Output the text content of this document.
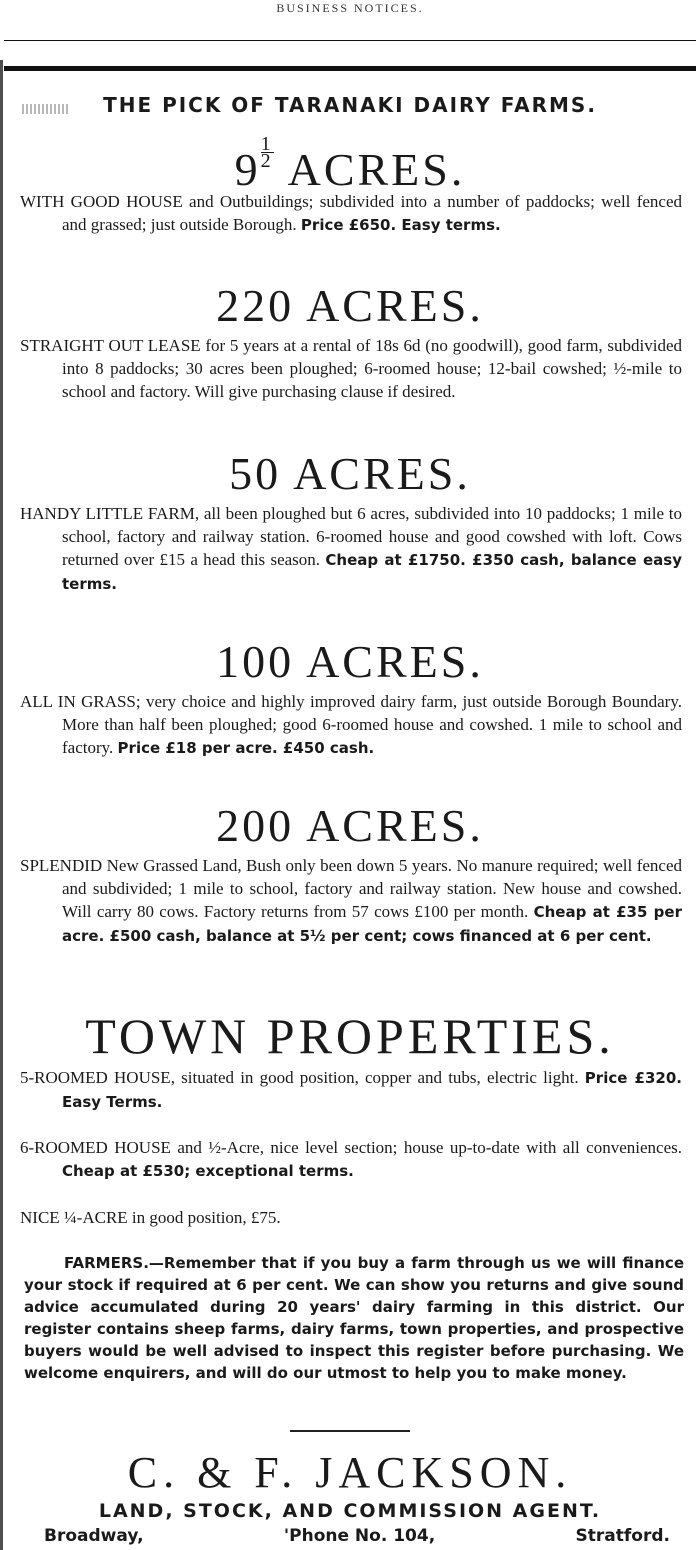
BUSINESS NOTICES.
THE PICK OF TARANAKI DAIRY FARMS.
$9 \frac{1}{2}$ ACRES.
WITH GOOD HOUSE and Outbuildings; subdivided into a number of paddocks; well fenced and grassed; just outside Borough. Price £650. Easy terms.
220 ACRES.
STRAIGHT OUT LEASE for 5 years at a rental of 18s 6d (no goodwill), good farm, subdivided into 8 paddocks; 30 acres been ploughed; 6-roomed house; 12-bail cowshed; ½-mile to school and factory. Will give purchasing clause if desired.
50 ACRES.
HANDY LITTLE FARM, all been ploughed but 6 acres, subdivided into 10 paddocks; 1 mile to school, factory and railway station. 6-roomed house and good cowshed with loft. Cows returned over £15 a head this season. Cheap at £1750. £350 cash, balance easy terms.
100 ACRES.
ALL IN GRASS; very choice and highly improved dairy farm, just outside Borough Boundary. More than half been ploughed; good 6-roomed house and cowshed. 1 mile to school and factory. Price £18 per acre. £450 cash.
200 ACRES.
SPLENDID New Grassed Land, Bush only been down 5 years. No manure required; well fenced and subdivided; 1 mile to school, factory and railway station. New house and cowshed. Will carry 80 cows. Factory returns from 57 cows £100 per month. Cheap at £35 per acre. £500 cash, balance at 5½ per cent; cows financed at 6 per cent.
TOWN PROPERTIES.
5-ROOMED HOUSE, situated in good position, copper and tubs, electric light. Price £320. Easy Terms.
6-ROOMED HOUSE and ½-Acre, nice level section; house up-to-date with all conveniences. Cheap at £530; exceptional terms.
NICE ¼-ACRE in good position, £75.
FARMERS.—Remember that if you buy a farm through us we will finance your stock if required at 6 per cent. We can show you returns and give sound advice accumulated during 20 years' dairy farming in this district. Our register contains sheep farms, dairy farms, town properties, and prospective buyers would be well advised to inspect this register before purchasing. We welcome enquirers, and will do our utmost to help you to make money.
C. & F. JACKSON.
LAND, STOCK, AND COMMISSION AGENT.
Broadway,	'Phone No. 104,	Stratford.
